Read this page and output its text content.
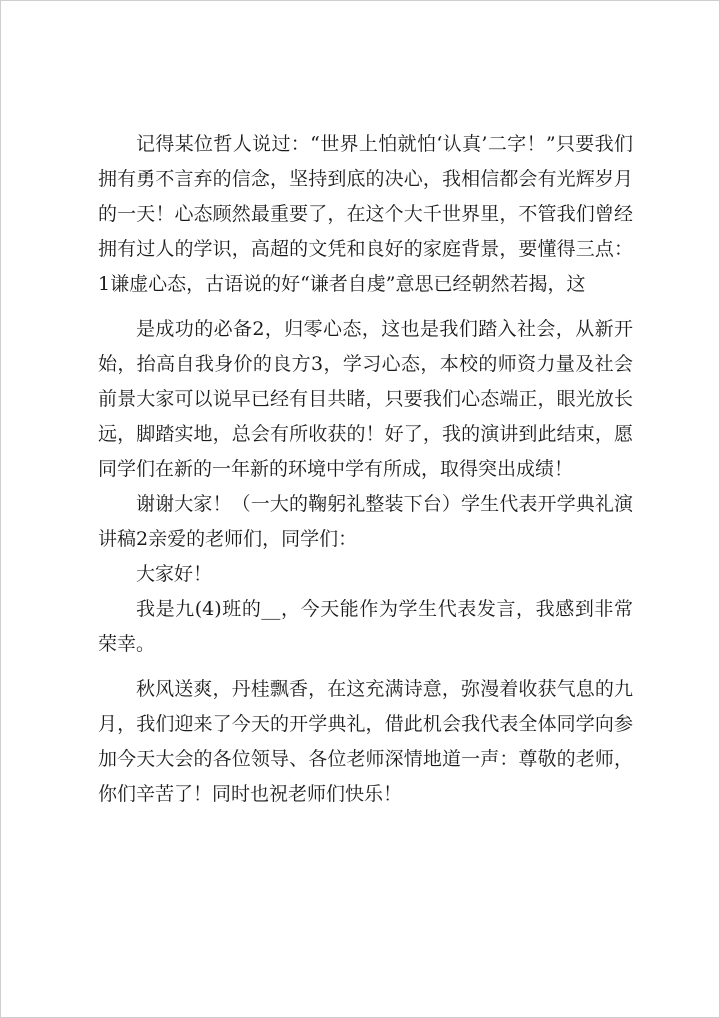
记得某位哲人说过：“世界上怕就怕‘认真’二字！”只要我们拥有勇不言弃的信念，坚持到底的决心，我相信都会有光辉岁月的一天！心态顾然最重要了，在这个大千世界里，不管我们曾经拥有过人的学识，高超的文凭和良好的家庭背景，要懂得三点：1谦虚心态，古语说的好“谦者自虔”意思已经朝然若揭，这

是成功的必备2，归零心态，这也是我们踏入社会，从新开始，抬高自我身价的良方3，学习心态，本校的师资力量及社会前景大家可以说早已经有目共睹，只要我们心态端正，眼光放长远，脚踏实地，总会有所收获的！好了，我的演讲到此结束，愿同学们在新的一年新的环境中学有所成，取得突出成绩！

谢谢大家！（一大的鞠躬礼整装下台）学生代表开学典礼演讲稿2亲爱的老师们，同学们：

大家好！

我是九(4)班的__，今天能作为学生代表发言，我感到非常荣幸。

秋风送爽，丹桂飘香，在这充满诗意，弥漫着收获气息的九月，我们迎来了今天的开学典礼，借此机会我代表全体同学向参加今天大会的各位领导、各位老师深情地道一声：尊敬的老师，你们辛苦了！同时也祝老师们快乐！
